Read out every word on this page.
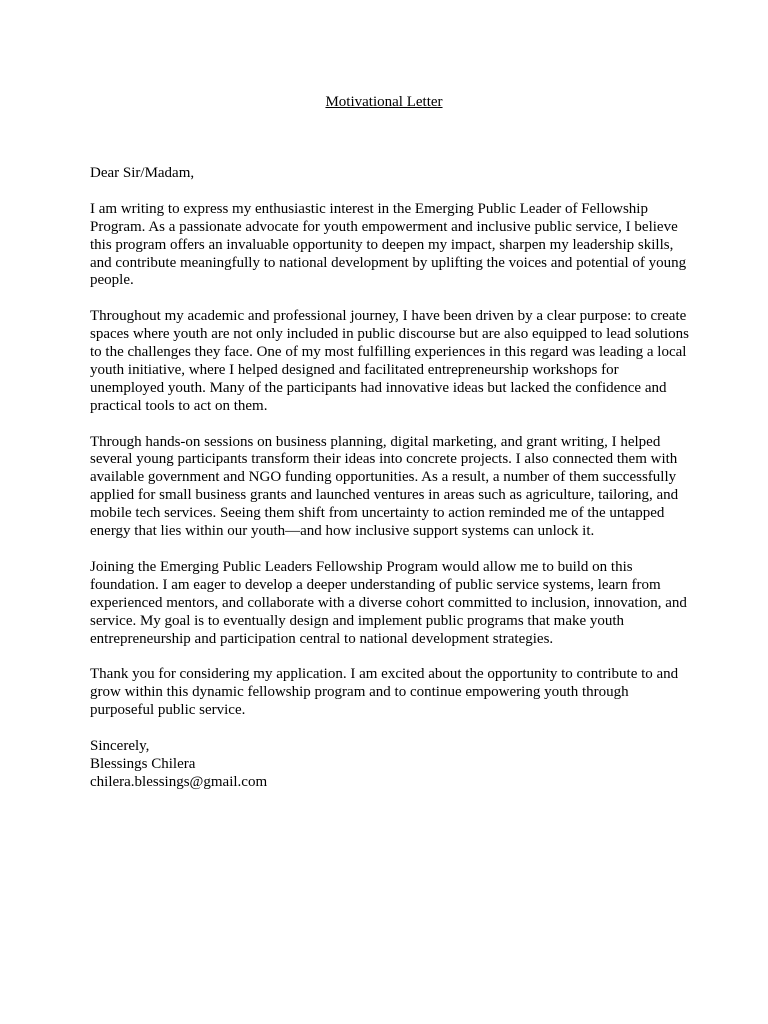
Motivational Letter

Dear Sir/Madam,

I am writing to express my enthusiastic interest in the Emerging Public Leader of Fellowship Program. As a passionate advocate for youth empowerment and inclusive public service, I believe this program offers an invaluable opportunity to deepen my impact, sharpen my leadership skills, and contribute meaningfully to national development by uplifting the voices and potential of young people.

Throughout my academic and professional journey, I have been driven by a clear purpose: to create spaces where youth are not only included in public discourse but are also equipped to lead solutions to the challenges they face. One of my most fulfilling experiences in this regard was leading a local youth initiative, where I helped designed and facilitated entrepreneurship workshops for unemployed youth. Many of the participants had innovative ideas but lacked the confidence and practical tools to act on them.

Through hands-on sessions on business planning, digital marketing, and grant writing, I helped several young participants transform their ideas into concrete projects. I also connected them with available government and NGO funding opportunities. As a result, a number of them successfully applied for small business grants and launched ventures in areas such as agriculture, tailoring, and mobile tech services. Seeing them shift from uncertainty to action reminded me of the untapped energy that lies within our youth—and how inclusive support systems can unlock it.

Joining the Emerging Public Leaders Fellowship Program would allow me to build on this foundation. I am eager to develop a deeper understanding of public service systems, learn from experienced mentors, and collaborate with a diverse cohort committed to inclusion, innovation, and service. My goal is to eventually design and implement public programs that make youth entrepreneurship and participation central to national development strategies.

Thank you for considering my application. I am excited about the opportunity to contribute to and grow within this dynamic fellowship program and to continue empowering youth through purposeful public service.

Sincerely,
Blessings Chilera
chilera.blessings@gmail.com
